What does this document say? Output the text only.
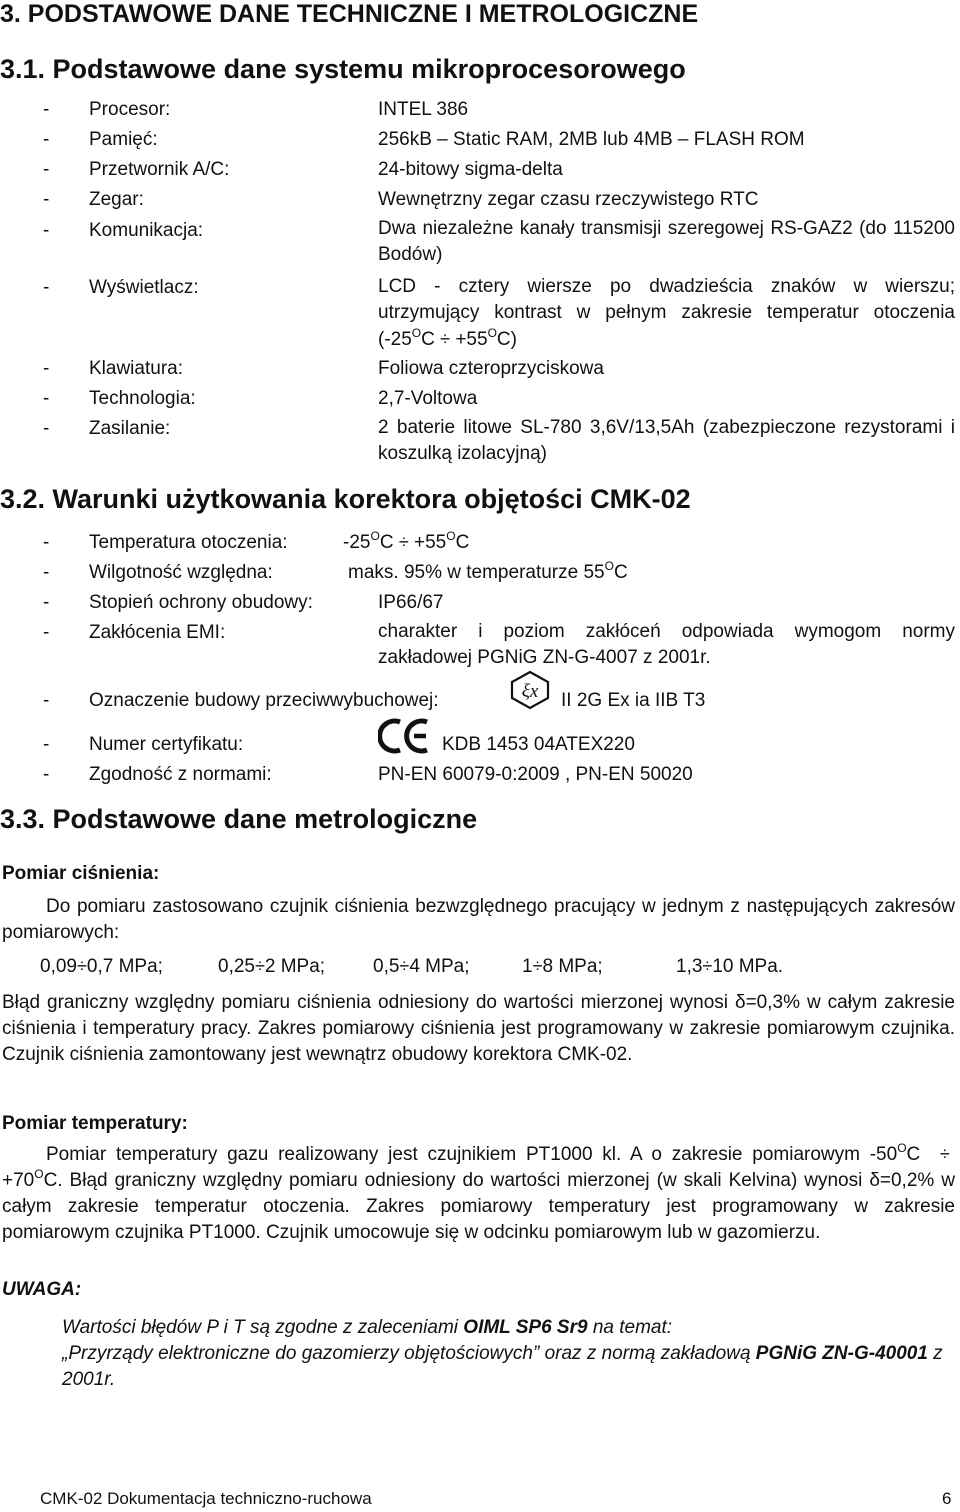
3. PODSTAWOWE DANE TECHNICZNE I METROLOGICZNE
3.1. Podstawowe dane systemu mikroprocesorowego
- Procesor:	INTEL 386
- Pamięć:	256kB – Static RAM, 2MB lub 4MB – FLASH ROM
- Przetwornik A/C:	24-bitowy sigma-delta
- Zegar:	Wewnętrzny zegar czasu rzeczywistego RTC
- Komunikacja:	Dwa niezależne kanały transmisji szeregowej RS-GAZ2 (do 115200 Bodów)
- Wyświetlacz:	LCD - cztery wiersze po dwadzieścia znaków w wierszu; utrzymujący kontrast w pełnym zakresie temperatur otoczenia $(-25^OC \div +55^OC)$
- Klawiatura:	Foliowa czteroprzyciskowa
- Technologia:	2,7-Voltowa
- Zasilanie:	2 baterie litowe SL-780 3,6V/13,5Ah (zabezpieczone rezystorami i koszulką izolacyjną)
3.2. Warunki użytkowania korektora objętości CMK-02
- Temperatura otoczenia:	$-25^OC \div +55^OC$
- Wilgotność względna:	maks. 95% w temperaturze $55^OC$
- Stopień ochrony obudowy:	IP66/67
- Zakłócenia EMI:	charakter i poziom zakłóceń odpowiada wymogom normy zakładowej PGNiG ZN-G-4007 z 2001r.
- Oznaczenie budowy przeciwwybuchowej:	ξx II 2G Ex ia IIB T3
- Numer certyfikatu:	KDB 1453 04ATEX220
- Zgodność z normami:	PN-EN 60079-0:2009 , PN-EN 50020
3.3. Podstawowe dane metrologiczne
Pomiar ciśnienia:
Do pomiaru zastosowano czujnik ciśnienia bezwzględnego pracujący w jednym z następujących zakresów pomiarowych:
0,09÷0,7 MPa;	0,25÷2 MPa;	0,5÷4 MPa;	1÷8 MPa;	1,3÷10 MPa.
Błąd graniczny względny pomiaru ciśnienia odniesiony do wartości mierzonej wynosi δ=0,3% w całym zakresie ciśnienia i temperatury pracy. Zakres pomiarowy ciśnienia jest programowany w zakresie pomiarowym czujnika. Czujnik ciśnienia zamontowany jest wewnątrz obudowy korektora CMK-02.
Pomiar temperatury:
Pomiar temperatury gazu realizowany jest czujnikiem PT1000 kl. A o zakresie pomiarowym $-50^OC \div +70^OC$. Błąd graniczny względny pomiaru odniesiony do wartości mierzonej (w skali Kelvina) wynosi δ=0,2% w całym zakresie temperatur otoczenia. Zakres pomiarowy temperatury jest programowany w zakresie pomiarowym czujnika PT1000. Czujnik umocowuje się w odcinku pomiarowym lub w gazomierzu.
UWAGA:
Wartości błędów P i T są zgodne z zaleceniami OIML SP6 Sr9 na temat:
„Przyrządy elektroniczne do gazomierzy objętościowych” oraz z normą zakładową PGNiG ZN-G-40001 z 2001r.
CMK-02 Dokumentacja techniczno-ruchowa	6
